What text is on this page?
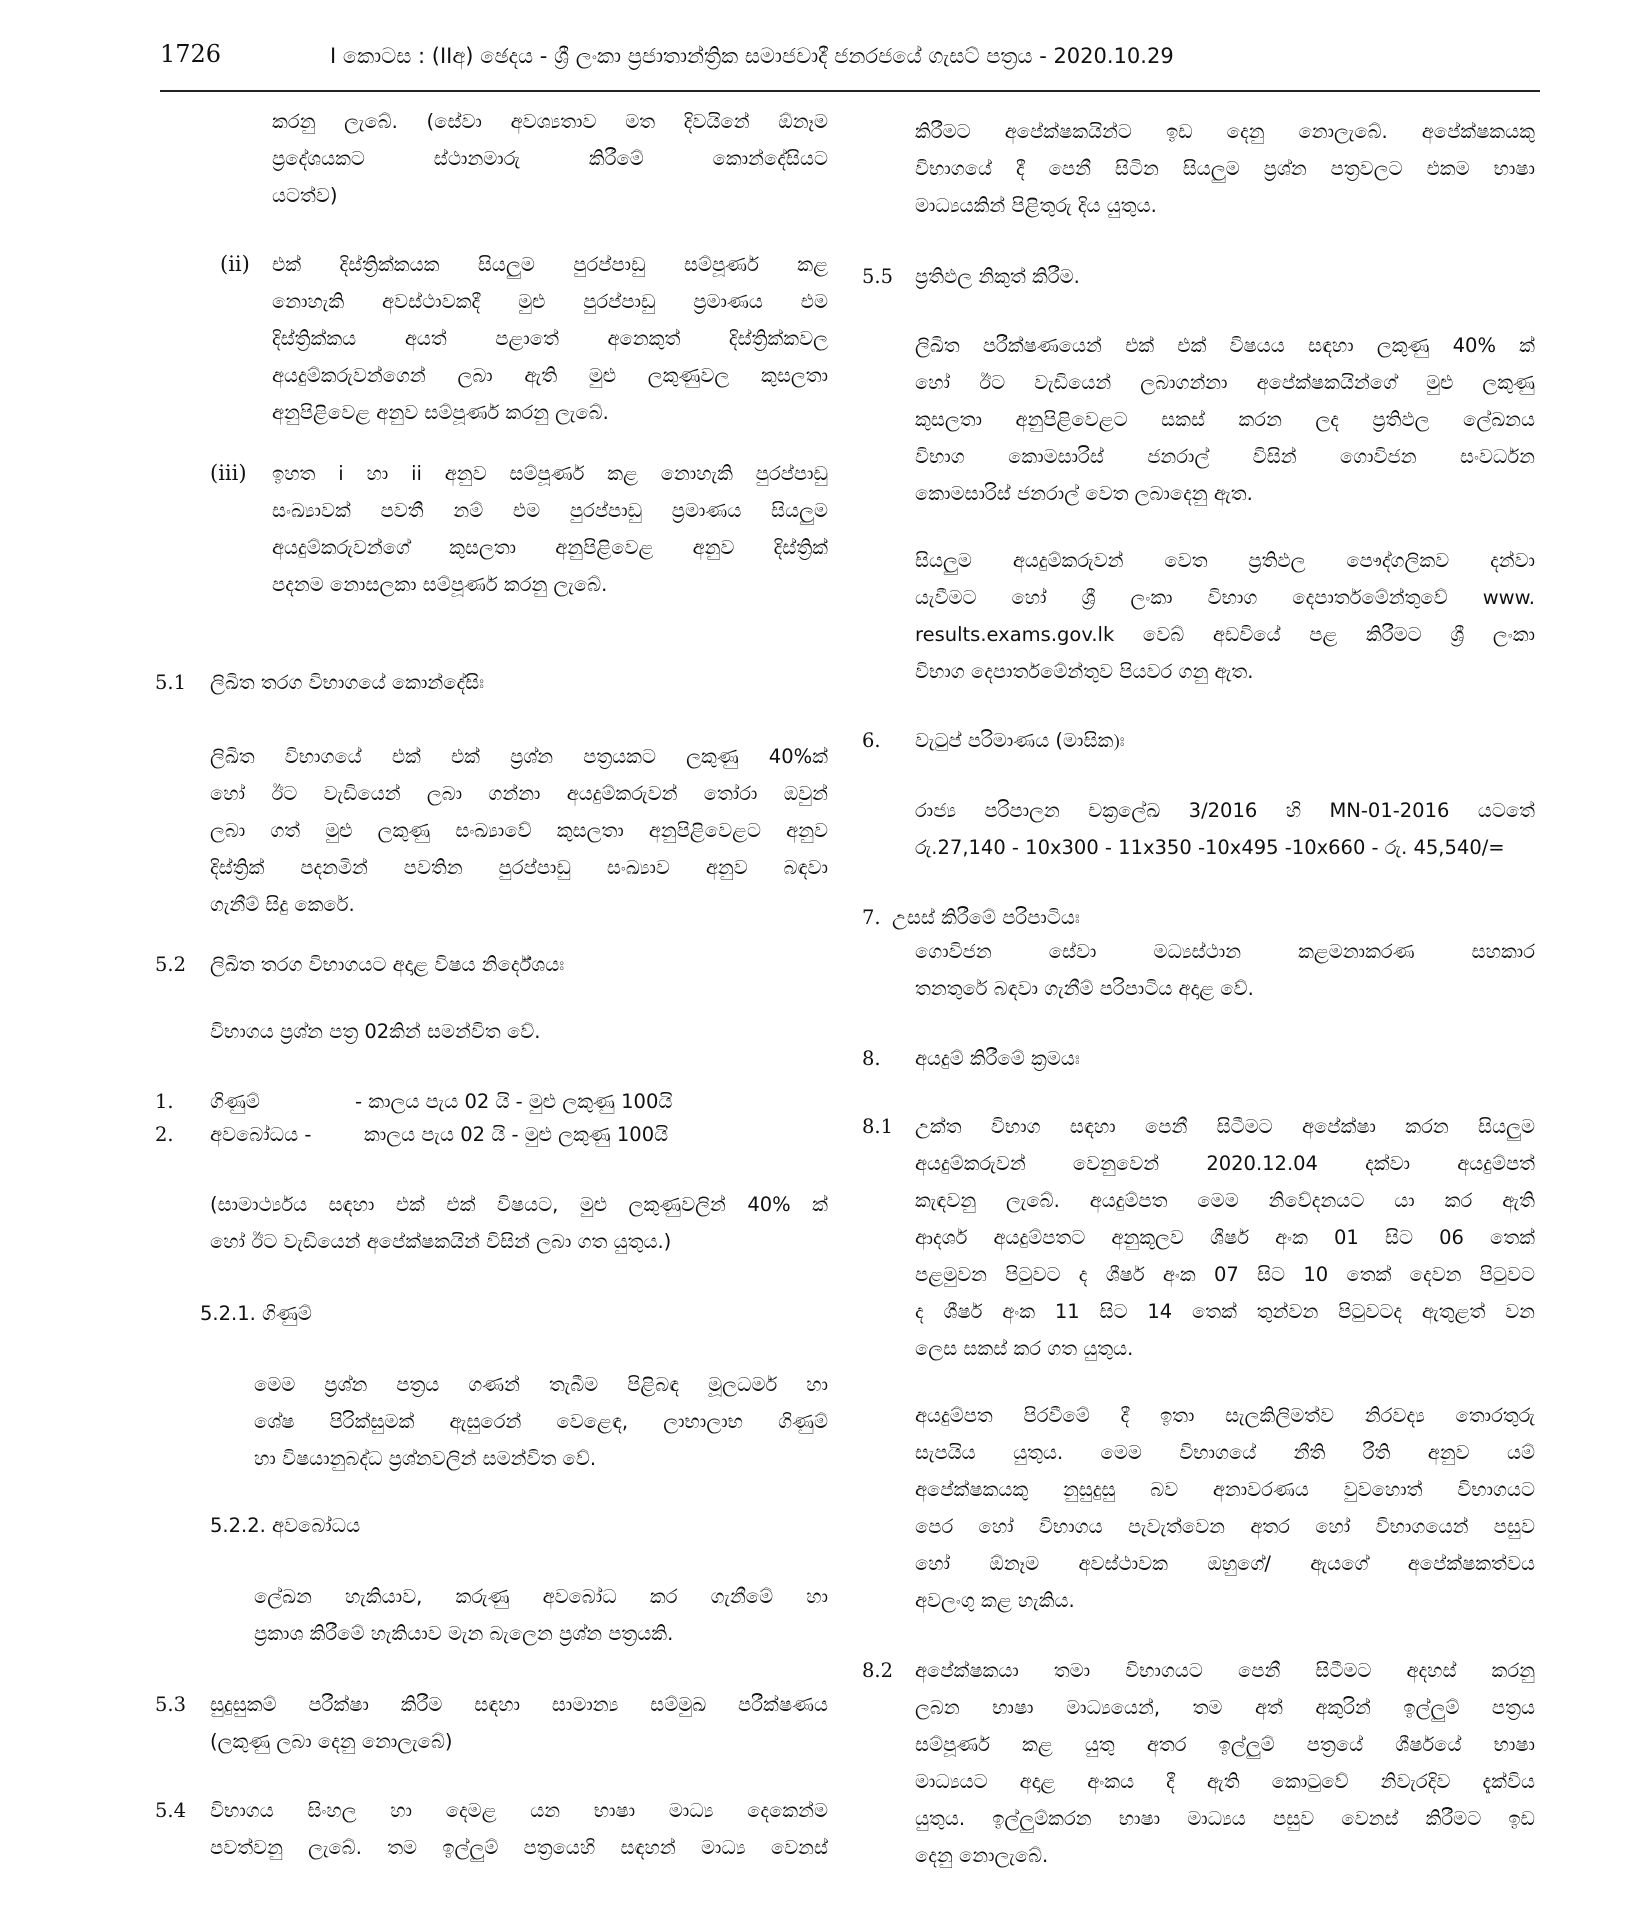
1726	I කොටස : (IIඅ) ඡෙදය - ශ්‍රී ලංකා ප්‍රජාතාන්ත්‍රික සමාජවාදී ජනරජයේ ගැසට් පත්‍රය - 2020.10.29
කරනු ලැබේ. (සේවා අවශ්‍යතාව මත දිවයිනේ ඕනෑම
ප්‍රදේශයකට ස්ථානමාරු කිරීමේ කොන්දේසියට
යටත්ව)
(ii) එක් දිස්ත්‍රික්කයක සියලුම පුරප්පාඩු සම්පූර්ණ කළ
නොහැකි අවස්ථාවකදී මුළු පුරප්පාඩු ප්‍රමාණය එම
දිස්ත්‍රික්කය අයත් පළාතේ අනෙකුත් දිස්ත්‍රික්කවල
අයදුම්කරුවන්ගෙන් ලබා ඇති මුළු ලකුණුවල කුසලතා
අනුපිළිවෙළ අනුව සම්පූර්ණ කරනු ලැබේ.
(iii) ඉහත i හා ii අනුව සම්පූර්ණ කළ නොහැකි පුරප්පාඩු
සංඛ්‍යාවක් පවතී නම් එම පුරප්පාඩු ප්‍රමාණය සියලුම
අයදුම්කරුවන්ගේ කුසලතා අනුපිළිවෙළ අනුව දිස්ත්‍රික්
පදනම නොසලකා සම්පූර්ණ කරනු ලැබේ.
5.1 ලිඛිත තරග විභාගයේ කොන්දේසිඃ
ලිඛිත විභාගයේ එක් එක් ප්‍රශ්න පත්‍රයකට ලකුණු 40%ක්
හෝ ඊට වැඩියෙන් ලබා ගන්නා අයදුම්කරුවන් තෝරා ඔවුන්
ලබා ගත් මුළු ලකුණු සංඛ්‍යාවේ කුසලතා අනුපිළිවෙළට අනුව
දිස්ත්‍රික් පදනමින් පවතින පුරප්පාඩු සංඛ්‍යාව අනුව බඳවා
ගැනීම් සිදු කෙරේ.
5.2 ලිඛිත තරග විභාගයට අදාළ විෂය නිර්දේශයඃ
විභාගය ප්‍රශ්න පත්‍ර 02කින් සමන්විත වේ.
1. ගිණුම්	- කාලය පැය 02 යි - මුළු ලකුණු 100යි
2. අවබෝධය -	කාලය පැය 02 යි - මුළු ලකුණු 100යි
(සාමාර්ථ්‍යය සඳහා එක් එක් විෂයට, මුළු ලකුණුවලින් 40% ක්
හෝ ඊට වැඩියෙන් අපේක්ෂකයින් විසින් ලබා ගත යුතුය.)
5.2.1. ගිණුම්
මෙම ප්‍රශ්න පත්‍රය ගණන් තැබීම පිළිබඳ මූලධර්ම හා
ශේෂ පිරික්සුමක් ඇසුරෙන් වෙළෙඳ, ලාභාලාභ ගිණුම්
හා විෂයානුබද්ධ ප්‍රශ්නවලින් සමන්විත වේ.
5.2.2. අවබෝධය
ලේඛන හැකියාව, කරුණු අවබෝධ කර ගැනීමේ හා
ප්‍රකාශ කිරීමේ හැකියාව මැන බැලෙන ප්‍රශ්න පත්‍රයකි.
5.3 සුදුසුකම් පරීක්ෂා කිරීම සඳහා සාමාන්‍ය සම්මුඛ පරීක්ෂණය
(ලකුණු ලබා දෙනු නොලැබේ)
5.4 විභාගය සිංහල හා දෙමළ යන භාෂා මාධ්‍ය දෙකෙන්ම
පවත්වනු ලැබේ. තම ඉල්ලුම් පත්‍රයෙහි සඳහන් මාධ්‍ය වෙනස්
කිරීමට අපේක්ෂකයින්ට ඉඩ දෙනු නොලැබේ. අපේක්ෂකයකු
විභාගයේ දී පෙනී සිටින සියලුම ප්‍රශ්න පත්‍රවලට එකම භාෂා
මාධ්‍යයකින් පිළිතුරු දිය යුතුය.
5.5 ප්‍රතිඵල නිකුත් කිරීම.
ලිඛිත පරීක්ෂණයෙන් එක් එක් විෂයය සඳහා ලකුණු 40% ක්
හෝ ඊට වැඩියෙන් ලබාගන්නා අපේක්ෂකයින්ගේ මුළු ලකුණු
කුසලතා අනුපිළිවෙළට සකස් කරන ලද ප්‍රතිඵල ලේඛනය
විභාග කොමසාරිස් ජනරාල් විසින් ගොවිජන සංවර්ධන
කොමසාරිස් ජනරාල් වෙත ලබාදෙනු ඇත.
සියලුම අයදුම්කරුවන් වෙත ප්‍රතිඵල පෞද්ගලිකව දන්වා
යැවීමට හෝ ශ්‍රී ලංකා විභාග දෙපාර්තමේන්තුවේ www.
results.exams.gov.lk වෙබ් අඩවියේ පළ කිරීමට ශ්‍රී ලංකා
විභාග දෙපාර්තමේන්තුව පියවර ගනු ඇත.
6. වැටුප් පරිමාණය (මාසික)ඃ
රාජ්‍ය පරිපාලන චක්‍රලේඛ 3/2016 හි MN-01-2016 යටතේ
රු.27,140 - 10x300 - 11x350 -10x495 -10x660 - රු. 45,540/=
7. උසස් කිරීමේ පරිපාටියඃ
ගොවිජන සේවා මධ්‍යස්ථාන කළමනාකරණ සහකාර
තනතුරේ බඳවා ගැනීම් පරිපාටිය අදාළ වේ.
8. අයදුම් කිරීමේ ක්‍රමයඃ
8.1 උක්ත විභාග සඳහා පෙනී සිටීමට අපේක්ෂා කරන සියලුම
අයදුම්කරුවන් වෙනුවෙන් 2020.12.04 දක්වා අයදුම්පත්
කැඳවනු ලැබේ. අයදුම්පත මෙම නිවේදනයට යා කර ඇති
ආදර්ශ අයදුම්පතට අනුකූලව ශීර්ෂ අංක 01 සිට 06 තෙක්
පළමුවන පිටුවට ද ශීර්ෂ අංක 07 සිට 10 තෙක් දෙවන පිටුවට
ද ශීර්ෂ අංක 11 සිට 14 තෙක් තුන්වන පිටුවටද ඇතුළත් වන
ලෙස සකස් කර ගත යුතුය.
අයදුම්පත පිරවීමේ දී ඉතා සැලකිලිමත්ව නිරවද්‍ය තොරතුරු
සැපයිය යුතුය. මෙම විභාගයේ නීති රීති අනුව යම්
අපේක්ෂකයකු නුසුදුසු බව අනාවරණය වුවහොත් විභාගයට
පෙර හෝ විභාගය පැවැත්වෙන අතර හෝ විභාගයෙන් පසුව
හෝ ඕනෑම අවස්ථාවක ඔහුගේ/ ඇයගේ අපේක්ෂකත්වය
අවලංගු කළ හැකිය.
8.2 අපේක්ෂකයා තමා විභාගයට පෙනී සිටීමට අදහස් කරනු
ලබන භාෂා මාධ්‍යයෙන්, තම අත් අකුරින් ඉල්ලුම් පත්‍රය
සම්පූර්ණ කළ යුතු අතර ඉල්ලුම් පත්‍රයේ ශීර්ෂයේ භාෂා
මාධ්‍යයට අදාළ අංකය දී ඇති කොටුවේ නිවැරදිව දැක්විය
යුතුය. ඉල්ලුම්කරන භාෂා මාධ්‍යය පසුව වෙනස් කිරීමට ඉඩ
දෙනු නොලැබේ.
